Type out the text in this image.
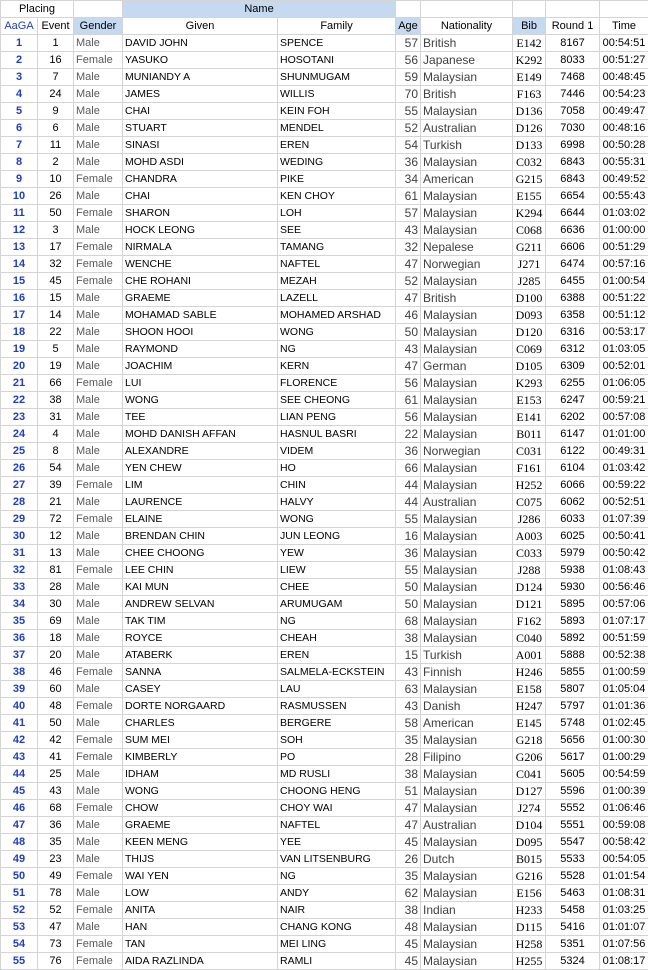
Placing			Name						
AaGA	Event	Gender	Given	Family	Age	Nationality	Bib	Round 1	Time
1	1	Male	DAVID JOHN	SPENCE	57	British	E142	8167	00:54:51
2	16	Female	YASUKO	HOSOTANI	56	Japanese	K292	8033	00:51:27
3	7	Male	MUNIANDY A	SHUNMUGAM	59	Malaysian	E149	7468	00:48:45
4	24	Male	JAMES	WILLIS	70	British	F163	7446	00:54:23
5	9	Male	CHAI	KEIN FOH	55	Malaysian	D136	7058	00:49:47
6	6	Male	STUART	MENDEL	52	Australian	D126	7030	00:48:16
7	11	Male	SINASI	EREN	54	Turkish	D133	6998	00:50:28
8	2	Male	MOHD ASDI	WEDING	36	Malaysian	C032	6843	00:55:31
9	10	Female	CHANDRA	PIKE	34	American	G215	6843	00:49:52
10	26	Male	CHAI	KEN CHOY	61	Malaysian	E155	6654	00:55:43
11	50	Female	SHARON	LOH	57	Malaysian	K294	6644	01:03:02
12	3	Male	HOCK LEONG	SEE	43	Malaysian	C068	6636	01:00:00
13	17	Female	NIRMALA	TAMANG	32	Nepalese	G211	6606	00:51:29
14	32	Female	WENCHE	NAFTEL	47	Norwegian	J271	6474	00:57:16
15	45	Female	CHE ROHANI	MEZAH	52	Malaysian	J285	6455	01:00:54
16	15	Male	GRAEME	LAZELL	47	British	D100	6388	00:51:22
17	14	Male	MOHAMAD SABLE	MOHAMED ARSHAD	46	Malaysian	D093	6358	00:51:12
18	22	Male	SHOON HOOI	WONG	50	Malaysian	D120	6316	00:53:17
19	5	Male	RAYMOND	NG	43	Malaysian	C069	6312	01:03:05
20	19	Male	JOACHIM	KERN	47	German	D105	6309	00:52:01
21	66	Female	LUI	FLORENCE	56	Malaysian	K293	6255	01:06:05
22	38	Male	WONG	SEE CHEONG	61	Malaysian	E153	6247	00:59:21
23	31	Male	TEE	LIAN PENG	56	Malaysian	E141	6202	00:57:08
24	4	Male	MOHD DANISH AFFAN	HASNUL BASRI	22	Malaysian	B011	6147	01:01:00
25	8	Male	ALEXANDRE	VIDEM	36	Norwegian	C031	6122	00:49:31
26	54	Male	YEN CHEW	HO	66	Malaysian	F161	6104	01:03:42
27	39	Female	LIM	CHIN	44	Malaysian	H252	6066	00:59:22
28	21	Male	LAURENCE	HALVY	44	Australian	C075	6062	00:52:51
29	72	Female	ELAINE	WONG	55	Malaysian	J286	6033	01:07:39
30	12	Male	BRENDAN CHIN	JUN LEONG	16	Malaysian	A003	6025	00:50:41
31	13	Male	CHEE CHOONG	YEW	36	Malaysian	C033	5979	00:50:42
32	81	Female	LEE CHIN	LIEW	55	Malaysian	J288	5938	01:08:43
33	28	Male	KAI MUN	CHEE	50	Malaysian	D124	5930	00:56:46
34	30	Male	ANDREW SELVAN	ARUMUGAM	50	Malaysian	D121	5895	00:57:06
35	69	Male	TAK TIM	NG	68	Malaysian	F162	5893	01:07:17
36	18	Male	ROYCE	CHEAH	38	Malaysian	C040	5892	00:51:59
37	20	Male	ATABERK	EREN	15	Turkish	A001	5888	00:52:38
38	46	Female	SANNA	SALMELA-ECKSTEIN	43	Finnish	H246	5855	01:00:59
39	60	Male	CASEY	LAU	63	Malaysian	E158	5807	01:05:04
40	48	Female	DORTE NORGAARD	RASMUSSEN	43	Danish	H247	5797	01:01:36
41	50	Male	CHARLES	BERGERE	58	American	E145	5748	01:02:45
42	42	Female	SUM MEI	SOH	35	Malaysian	G218	5656	01:00:30
43	41	Female	KIMBERLY	PO	28	Filipino	G206	5617	01:00:29
44	25	Male	IDHAM	MD RUSLI	38	Malaysian	C041	5605	00:54:59
45	43	Male	WONG	CHOONG HENG	51	Malaysian	D127	5596	01:00:39
46	68	Female	CHOW	CHOY WAI	47	Malaysian	J274	5552	01:06:46
47	36	Male	GRAEME	NAFTEL	47	Australian	D104	5551	00:59:08
48	35	Male	KEEN MENG	YEE	45	Malaysian	D095	5547	00:58:42
49	23	Male	THIJS	VAN LITSENBURG	26	Dutch	B015	5533	00:54:05
50	49	Female	WAI YEN	NG	35	Malaysian	G216	5528	01:01:54
51	78	Male	LOW	ANDY	62	Malaysian	E156	5463	01:08:31
52	52	Female	ANITA	NAIR	38	Indian	H233	5458	01:03:25
53	47	Male	HAN	CHANG KONG	48	Malaysian	D115	5416	01:01:07
54	73	Female	TAN	MEI LING	45	Malaysian	H258	5351	01:07:56
55	76	Female	AIDA RAZLINDA	RAMLI	45	Malaysian	H255	5324	01:08:17
